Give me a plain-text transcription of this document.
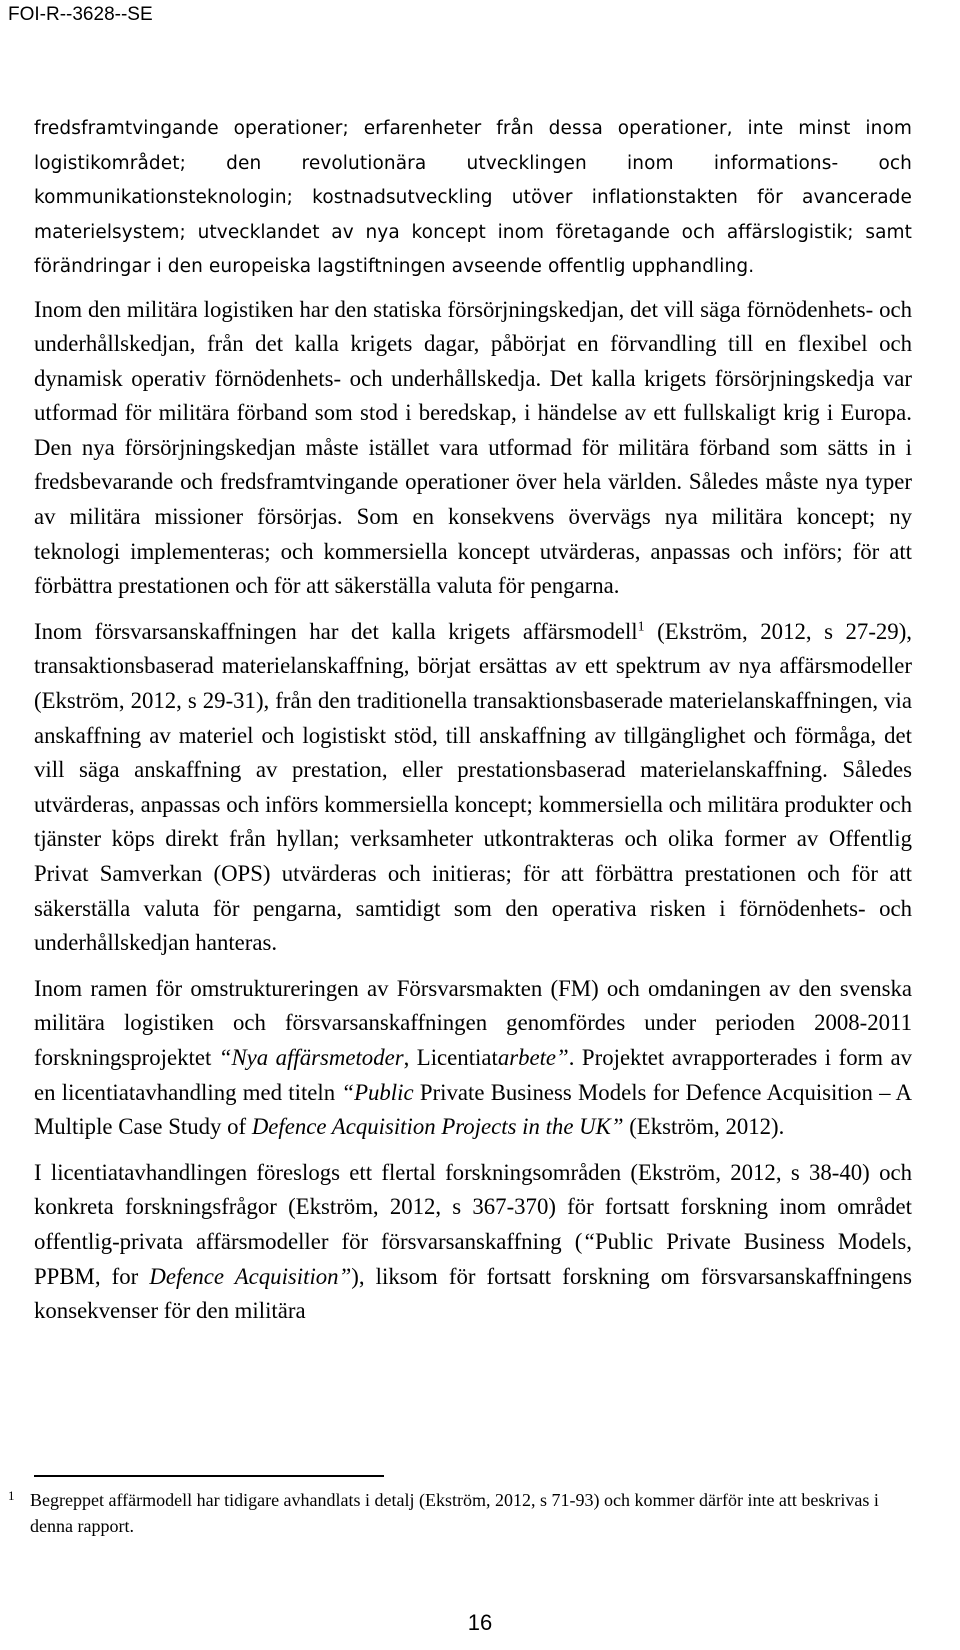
FOI-R--3628--SE

fredsframtvingande operationer; erfarenheter från dessa operationer, inte minst inom logistikområdet; den revolutionära utvecklingen inom informations- och kommunikationsteknologin; kostnadsutveckling utöver inflationstakten för avancerade materielsystem; utvecklandet av nya koncept inom företagande och affärslogistik; samt förändringar i den europeiska lagstiftningen avseende offentlig upphandling.

Inom den militära logistiken har den statiska försörjningskedjan, det vill säga förnödenhets- och underhållskedjan, från det kalla krigets dagar, påbörjat en förvandling till en flexibel och dynamisk operativ förnödenhets- och underhållskedja. Det kalla krigets försörjningskedja var utformad för militära förband som stod i beredskap, i händelse av ett fullskaligt krig i Europa. Den nya försörjningskedjan måste istället vara utformad för militära förband som sätts in i fredsbevarande och fredsframtvingande operationer över hela världen. Således måste nya typer av militära missioner försörjas. Som en konsekvens övervägs nya militära koncept; ny teknologi implementeras; och kommersiella koncept utvärderas, anpassas och införs; för att förbättra prestationen och för att säkerställa valuta för pengarna.

Inom försvarsanskaffningen har det kalla krigets affärsmodell$^1$ (Ekström, 2012, s 27-29), transaktionsbaserad materielanskaffning, börjat ersättas av ett spektrum av nya affärsmodeller (Ekström, 2012, s 29-31), från den traditionella transaktionsbaserade materielanskaffningen, via anskaffning av materiel och logistiskt stöd, till anskaffning av tillgänglighet och förmåga, det vill säga anskaffning av prestation, eller prestationsbaserad materielanskaffning. Således utvärderas, anpassas och införs kommersiella koncept; kommersiella och militära produkter och tjänster köps direkt från hyllan; verksamheter utkontrakteras och olika former av Offentlig Privat Samverkan (OPS) utvärderas och initieras; för att förbättra prestationen och för att säkerställa valuta för pengarna, samtidigt som den operativa risken i förnödenhets- och underhållskedjan hanteras.

Inom ramen för omstruktureringen av Försvarsmakten (FM) och omdaningen av den svenska militära logistiken och försvarsanskaffningen genomfördes under perioden 2008-2011 forskningsprojektet “Nya affärsmetoder, Licentiatarbete”. Projektet avrapporterades i form av en licentiatavhandling med titeln “Public Private Business Models for Defence Acquisition – A Multiple Case Study of Defence Acquisition Projects in the UK” (Ekström, 2012).

I licentiatavhandlingen föreslogs ett flertal forskningsområden (Ekström, 2012, s 38-40) och konkreta forskningsfrågor (Ekström, 2012, s 367-370) för fortsatt forskning inom området offentlig-privata affärsmodeller för försvarsanskaffning (“Public Private Business Models, PPBM, for Defence Acquisition”), liksom för fortsatt forskning om försvarsanskaffningens konsekvenser för den militära

1 Begreppet affärmodell har tidigare avhandlats i detalj (Ekström, 2012, s 71-93) och kommer därför inte att beskrivas i denna rapport.
16
